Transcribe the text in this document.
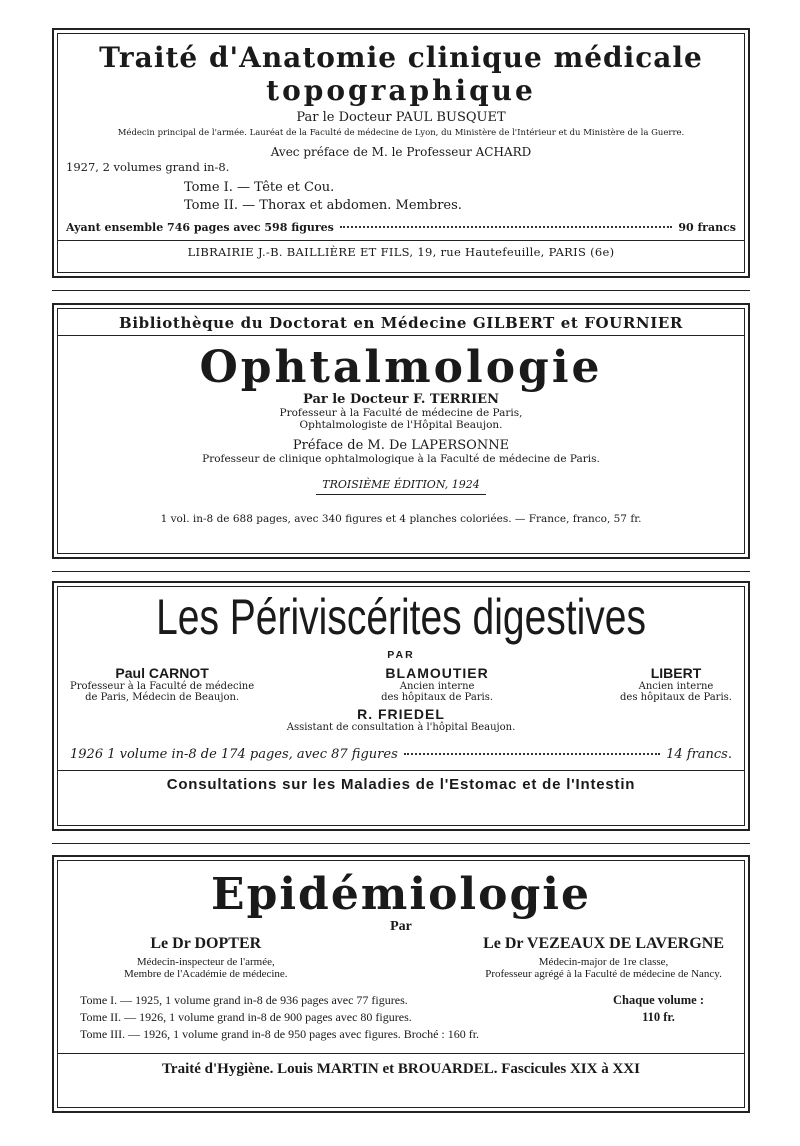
Traité d'Anatomie clinique médicale
topographique
Par le Docteur PAUL BUSQUET
Médecin principal de l'armée. Lauréat de la Faculté de médecine de Lyon, du Ministère de l'Intérieur et du Ministère de la Guerre.
Avec préface de M. le Professeur ACHARD
1927, 2 volumes grand in-8.
Tome I. — Tête et Cou.
Tome II. — Thorax et abdomen. Membres.
Ayant ensemble 746 pages avec 598 figures	90 francs
LIBRAIRIE J.-B. BAILLIÈRE ET FILS, 19, rue Hautefeuille, PARIS (6e)
Bibliothèque du Doctorat en Médecine GILBERT et FOURNIER
Ophtalmologie
Par le Docteur F. TERRIEN
Professeur à la Faculté de médecine de Paris,
Ophtalmologiste de l'Hôpital Beaujon.
Préface de M. De LAPERSONNE
Professeur de clinique ophtalmologique à la Faculté de médecine de Paris.
TROISIÈME ÉDITION, 1924
1 vol. in-8 de 688 pages, avec 340 figures et 4 planches coloriées. — France, franco, 57 fr.
Les Périviscérites digestives
PAR
Paul CARNOT
Professeur à la Faculté de médecine
de Paris, Médecin de Beaujon.
BLAMOUTIER
Ancien interne
des hôpitaux de Paris.
LIBERT
Ancien interne
des hôpitaux de Paris.
R. FRIEDEL
Assistant de consultation à l'hôpital Beaujon.
1926 1 volume in-8 de 174 pages, avec 87 figures	14 francs.
Consultations sur les Maladies de l'Estomac et de l'Intestin
Epidémiologie
Par
Le Dr DOPTER
Médecin-inspecteur de l'armée,
Membre de l'Académie de médecine.
Le Dr VEZEAUX DE LAVERGNE
Médecin-major de 1re classe,
Professeur agrégé à la Faculté de médecine de Nancy.
Tome I. — 1925, 1 volume grand in-8 de 936 pages avec 77 figures.
Tome II. — 1926, 1 volume grand in-8 de 900 pages avec 80 figures.
Tome III. — 1926, 1 volume grand in-8 de 950 pages avec figures. Broché : 160 fr.
Chaque volume :
110 fr.
Traité d'Hygiène. Louis MARTIN et BROUARDEL. Fascicules XIX à XXI
